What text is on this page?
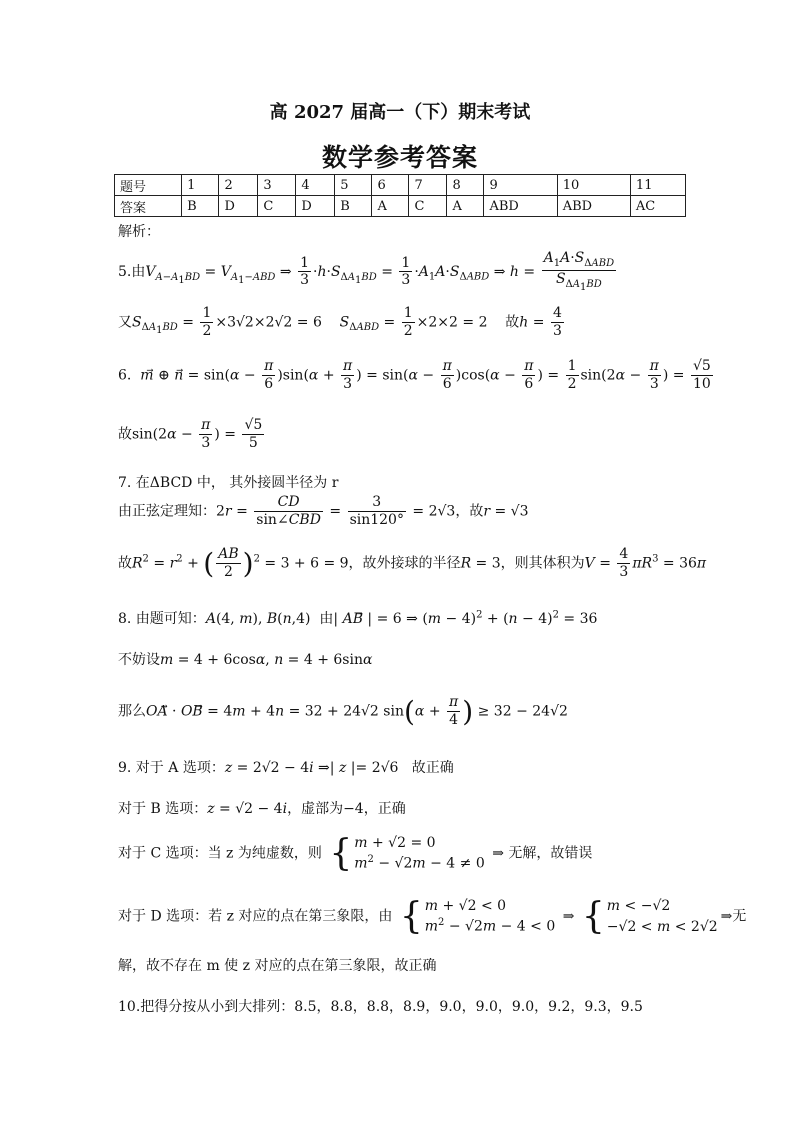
高 2027 届高一（下）期末考试
数学参考答案
题号	1	2	3	4	5	6	7	8	9	10	11
答案	B	D	C	D	B	A	C	A	ABD	ABD	AC
解析：
5.由$V_{A-A_1BD} = V_{A_1-ABD}$ ⇒ $\frac{1}{3} \cdot h\cdot S_{\Delta A_1BD} = \frac{1}{3} \cdot A_1A\cdot S_{\Delta ABD}$ ⇒ $h = \frac{A_1A\cdot S_{\Delta ABD}}{S_{\Delta A_1BD}}$
又$S_{\Delta A_1BD} = \frac{1}{2} \times 3√2\times 2√2 = 6$ $S_{\Delta ABD} = \frac{1}{2} \times 2\times 2 = 2$ 故$h = \frac{4}{3}$
6. m⃗ ⊕ n⃗ = $\sin(\alpha - \frac{\pi}{6} )\sin(\alpha + \frac{\pi}{3}$ ) = $\sin(\alpha - \frac{\pi}{6} )\cos(\alpha - \frac{\pi}{6}$ ) = $\frac{1}{2} \sin(2\alpha - \frac{\pi}{3}$ ) = $\frac{√5}{10}$
故$\sin(2\alpha - \frac{\pi}{3}$ ) = $\frac{√5}{5}$
7. 在ΔBCD 中， 其外接圆半径为 r
由正弦定理知：$2r = \frac{CD}{\text{sin∠CBD}} = \frac{3}{\sin 120^\circ} = 2√3$，故r = √3
故$R^2 = r^2$ + ( $\frac{AB}{2} )^2 = 3 + 6 = 9$，故外接球的半径R = 3，则其体积为$V = \frac{4}{3} \pi R^3 = 36\pi$
8. 由题可知：A(4, m), B(n,4)  由| AB⃗ | = 6 ⇒ $(m - 4)^2 + (n - 4)^2 = 36$
不妨设m = 4 + 6cosα, n = 4 + 6sinα
那么OA⃗ · OB⃗ = 4m + 4n = 32 + 24√2 $\sin(\alpha + \frac{\pi}{4}$ ) ≥ 32 − 24√2
9. 对于 A 选项：z = 2√2 − 4i ⇒| z |= 2√6   故正确
对于 B 选项：z = √2 − 4i，虚部为−4，正确
对于 C 选项：当 z 为纯虚数，则 { m + √2 = 0
$m^2 - √2m - 4 \ne 0$
⇒ 无解，故错误
对于 D 选项：若 z 对应的点在第三象限，由 { m + √2 < 0
$m^2 - √2m - 4 < 0$
⇒ { m < −√2
−√2 < m < 2√2
⇒无
解，故不存在 m 使 z 对应的点在第三象限，故正确
10.把得分按从小到大排列：8.5，8.8，8.8，8.9，9.0，9.0，9.0，9.2，9.3，9.5
